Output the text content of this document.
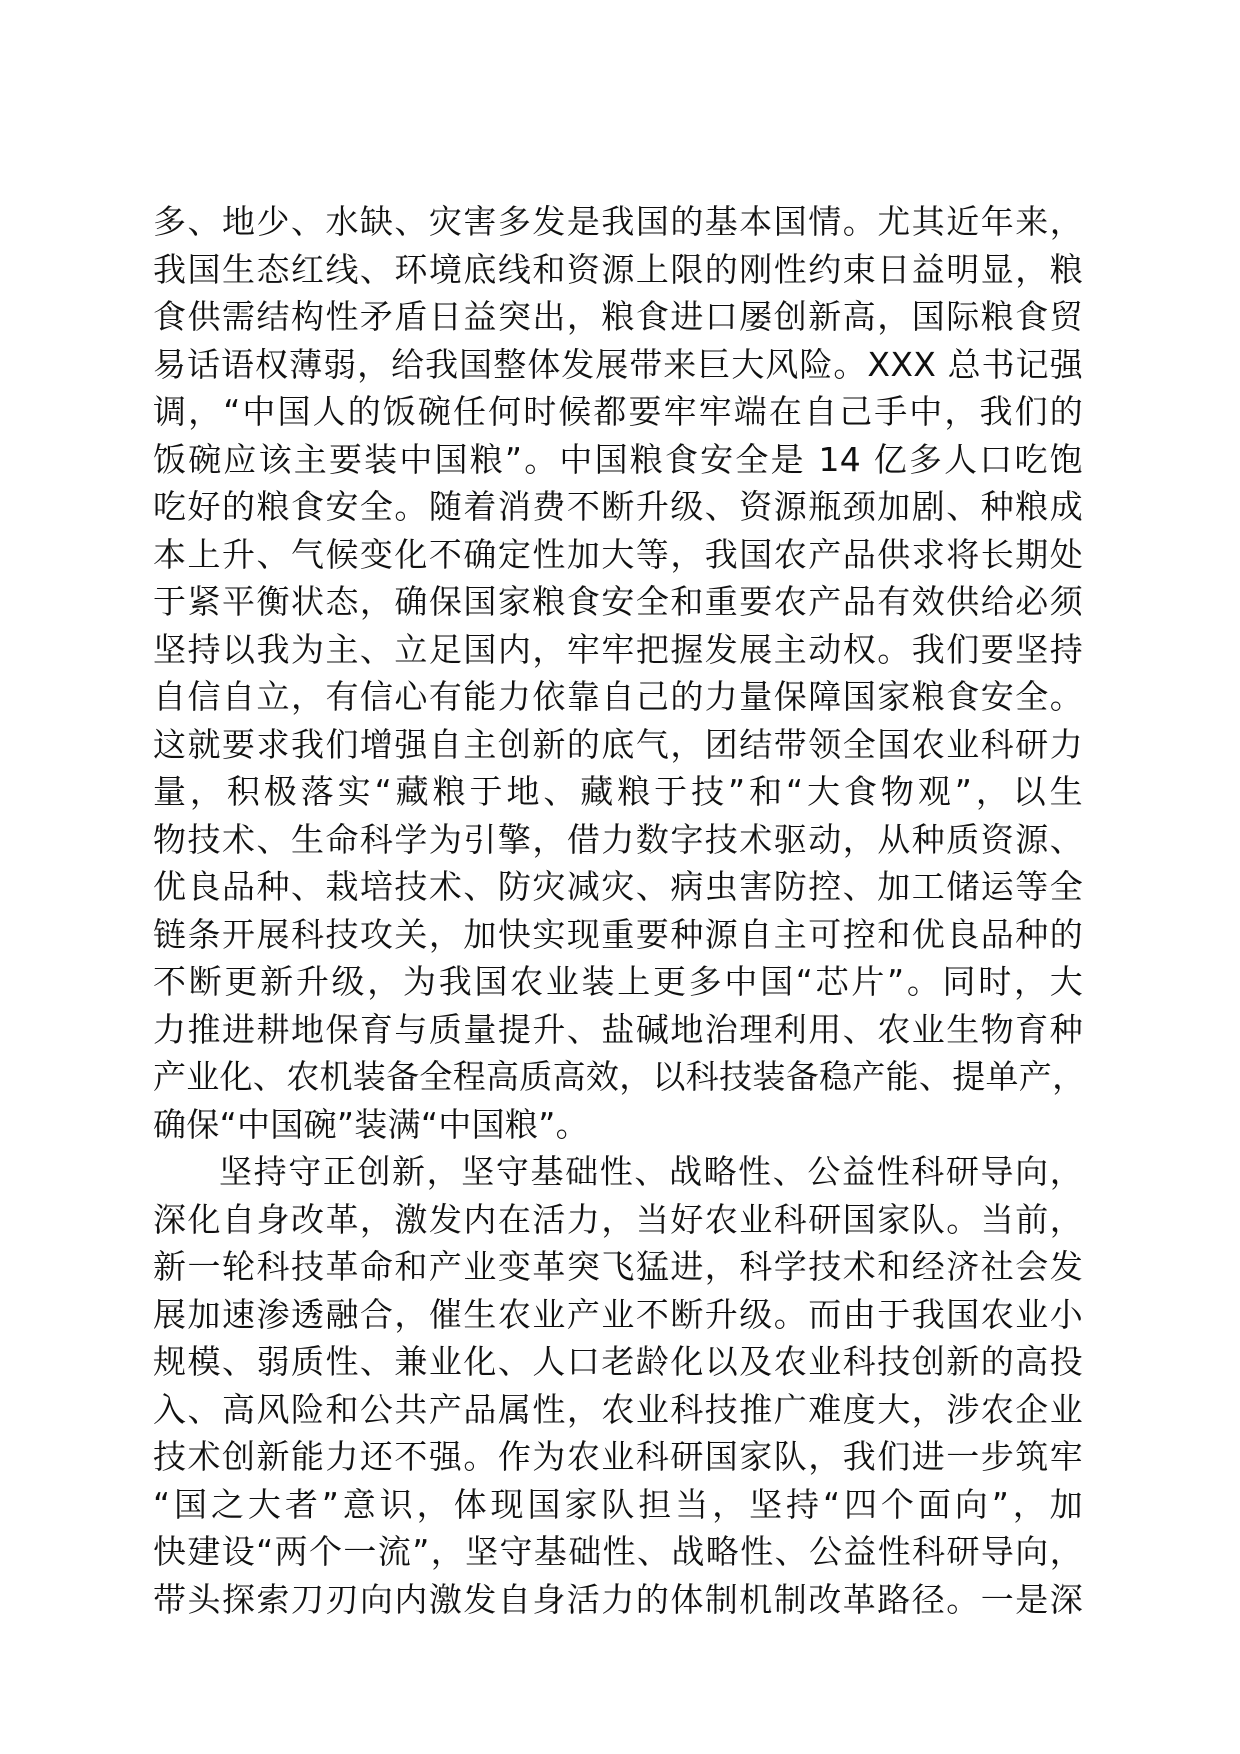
多、地少、水缺、灾害多发是我国的基本国情。尤其近年来，
我国生态红线、环境底线和资源上限的刚性约束日益明显，粮
食供需结构性矛盾日益突出，粮食进口屡创新高，国际粮食贸
易话语权薄弱，给我国整体发展带来巨大风险。XXX 总书记强
调，“中国人的饭碗任何时候都要牢牢端在自己手中，我们的
饭碗应该主要装中国粮”。中国粮食安全是 14 亿多人口吃饱
吃好的粮食安全。随着消费不断升级、资源瓶颈加剧、种粮成
本上升、气候变化不确定性加大等，我国农产品供求将长期处
于紧平衡状态，确保国家粮食安全和重要农产品有效供给必须
坚持以我为主、立足国内，牢牢把握发展主动权。我们要坚持
自信自立，有信心有能力依靠自己的力量保障国家粮食安全。
这就要求我们增强自主创新的底气，团结带领全国农业科研力
量，积极落实“藏粮于地、藏粮于技”和“大食物观”，以生
物技术、生命科学为引擎，借力数字技术驱动，从种质资源、
优良品种、栽培技术、防灾减灾、病虫害防控、加工储运等全
链条开展科技攻关，加快实现重要种源自主可控和优良品种的
不断更新升级，为我国农业装上更多中国“芯片”。同时，大
力推进耕地保育与质量提升、盐碱地治理利用、农业生物育种
产业化、农机装备全程高质高效，以科技装备稳产能、提单产，
确保“中国碗”装满“中国粮”。
坚持守正创新，坚守基础性、战略性、公益性科研导向，
深化自身改革，激发内在活力，当好农业科研国家队。当前，
新一轮科技革命和产业变革突飞猛进，科学技术和经济社会发
展加速渗透融合，催生农业产业不断升级。而由于我国农业小
规模、弱质性、兼业化、人口老龄化以及农业科技创新的高投
入、高风险和公共产品属性，农业科技推广难度大，涉农企业
技术创新能力还不强。作为农业科研国家队，我们进一步筑牢
“国之大者”意识，体现国家队担当，坚持“四个面向”，加
快建设“两个一流”，坚守基础性、战略性、公益性科研导向，
带头探索刀刃向内激发自身活力的体制机制改革路径。一是深
